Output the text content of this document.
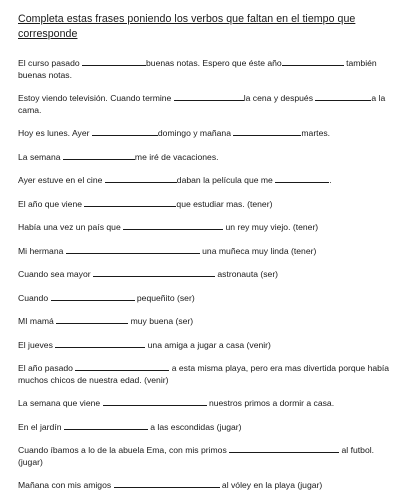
Completa estas frases poniendo los verbos que faltan en el tiempo que corresponde

El curso pasado	buenas notas. Espero que éste año	también buenas notas.

Estoy viendo televisión. Cuando termine	la cena y después	a la cama.

Hoy es lunes. Ayer	domingo y mañana	martes.

La semana	me iré de vacaciones.

Ayer estuve en el cine	daban la película que me	.

El año que viene	que estudiar mas. (tener)

Había una vez un país que	un rey muy viejo. (tener)

Mi hermana	una muñeca muy linda (tener)

Cuando sea mayor	astronauta (ser)

Cuando	pequeñito (ser)

MI mamá	muy buena (ser)

El jueves	una amiga a jugar a casa (venir)

El año pasado	a esta misma playa, pero era mas divertida porque había muchos chicos de nuestra edad. (venir)

La semana que viene	nuestros primos a dormir a casa.

En el jardín	a las escondidas (jugar)

Cuando íbamos a lo de la abuela Ema, con mis primos	al futbol. (jugar)

Mañana con mis amigos	al vóley en la playa (jugar)
